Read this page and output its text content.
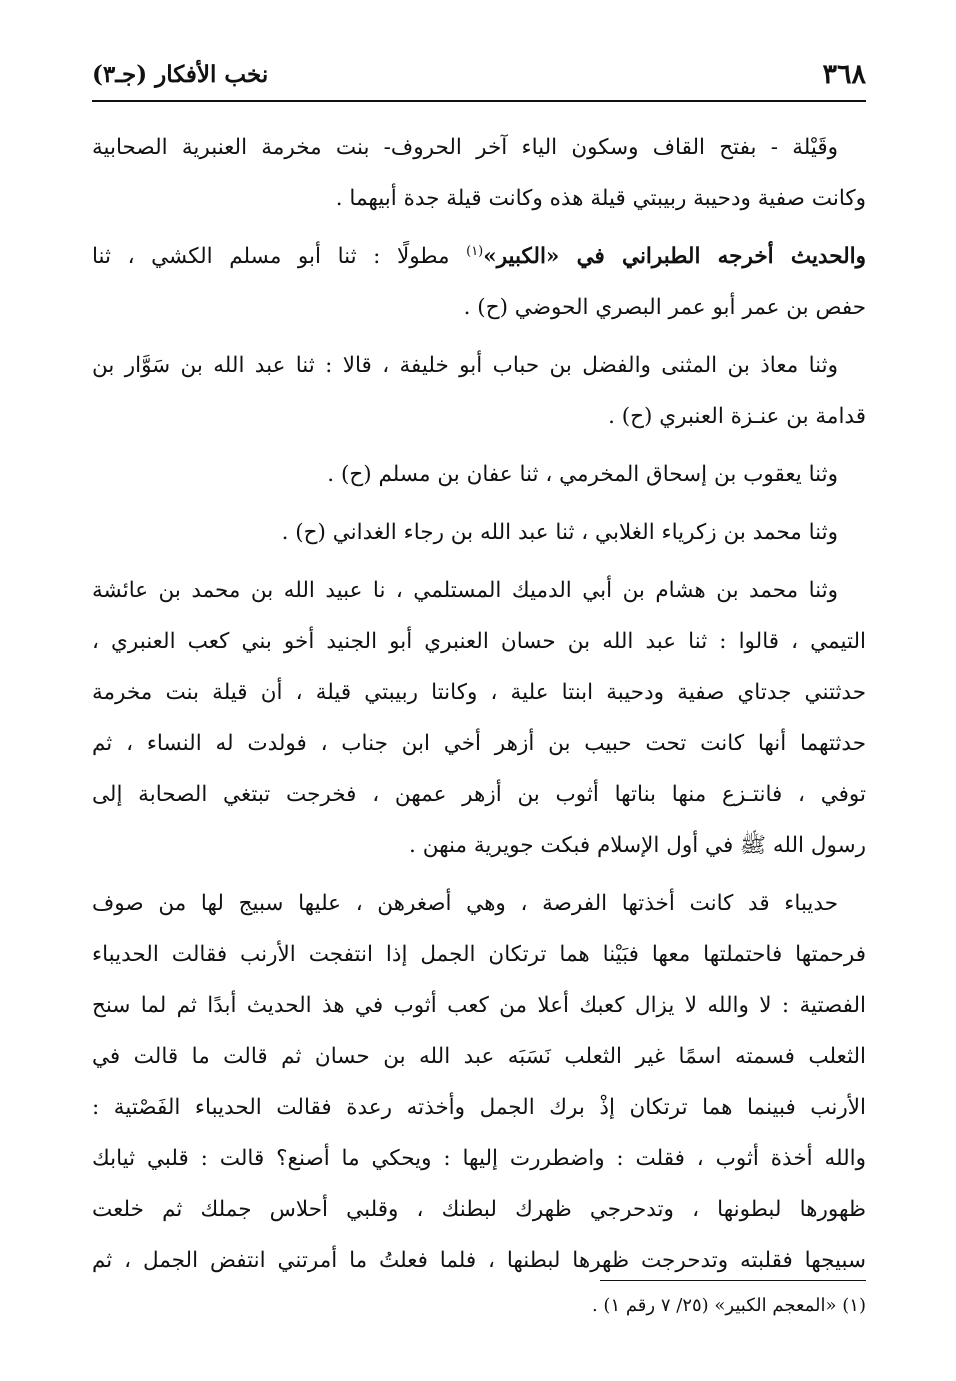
٣٦٨
نخب الأفكار (جـ٣)
وقَيْلة - بفتح القاف وسكون الياء آخر الحروف- بنت مخرمة العنبرية الصحابية
وكانت صفية ودحيبة ربيبتي قيلة هذه وكانت قيلة جدة أبيهما .
والحديث أخرجه الطبراني في «الكبير»$^{(١)}$ مطولًا : ثنا أبو مسلم الكشي ، ثنا
حفص بن عمر أبو عمر البصري الحوضي (ح) .
وثنا معاذ بن المثنى والفضل بن حباب أبو خليفة ، قالا : ثنا عبد الله بن سَوَّار بن
قدامة بن عنـزة العنبري (ح) .
وثنا يعقوب بن إسحاق المخرمي ، ثنا عفان بن مسلم (ح) .
وثنا محمد بن زكرياء الغلابي ، ثنا عبد الله بن رجاء الغداني (ح) .
وثنا محمد بن هشام بن أبي الدميك المستلمي ، نا عبيد الله بن محمد بن عائشة
التيمي ، قالوا : ثنا عبد الله بن حسان العنبري أبو الجنيد أخو بني كعب العنبري ،
حدثتني جدتاي صفية ودحيبة ابنتا علية ، وكانتا ربيبتي قيلة ، أن قيلة بنت مخرمة
حدثتهما أنها كانت تحت حبيب بن أزهر أخي ابن جناب ، فولدت له النساء ، ثم
توفي ، فانتـزع منها بناتها أثوب بن أزهر عمهن ، فخرجت تبتغي الصحابة إلى
رسول الله ﷺ في أول الإسلام فبكت جويرية منهن .
حديباء قد كانت أخذتها الفرصة ، وهي أصغرهن ، عليها سبيج لها من صوف
فرحمتها فاحتملتها معها فبَيْنا هما ترتكان الجمل إذا انتفجت الأرنب فقالت الحديباء
الفصتية : لا والله لا يزال كعبك أعلا من كعب أثوب في هذ الحديث أبدًا ثم لما سنح
الثعلب فسمته اسمًا غير الثعلب نَسَبَه عبد الله بن حسان ثم قالت ما قالت في
الأرنب فبينما هما ترتكان إذْ برك الجمل وأخذته رعدة فقالت الحديباء الفَصْتية :
والله أخذة أثوب ، فقلت : واضطررت إليها : ويحكي ما أصنع؟ قالت : قلبي ثيابك
ظهورها لبطونها ، وتدحرجي ظهرك لبطنك ، وقلبي أحلاس جملك ثم خلعت
سبيجها فقلبته وتدحرجت ظهرها لبطنها ، فلما فعلتُ ما أمرتني انتفض الجمل ، ثم
(١) «المعجم الكبير» (٢٥/ ٧ رقم ١) .
